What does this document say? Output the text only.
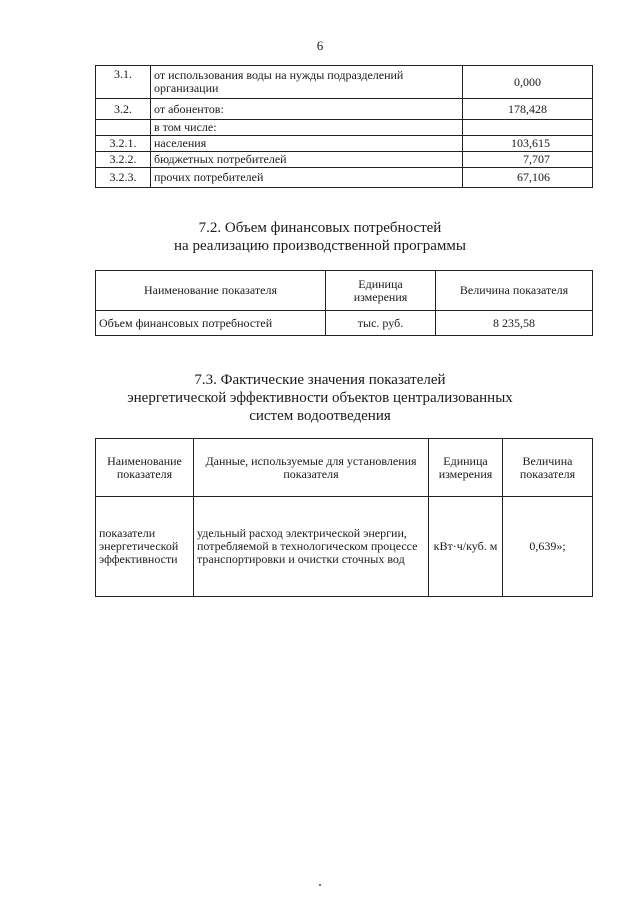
6
3.1.	от использования воды на нужды подразделений организации	0,000
3.2.	от абонентов:	178,428
	в том числе:	
3.2.1.	населения	103,615
3.2.2.	бюджетных потребителей	7,707
3.2.3.	прочих потребителей	67,106

7.2. Объем финансовых потребностей

на реализацию производственной программы

Наименование показателя	Единица измерения	Величина показателя
Объем финансовых потребностей	тыс. руб.	8 235,58

7.3. Фактические значения показателей

энергетической эффективности объектов централизованных

систем водоотведения

Наименование показателя	Данные, используемые для установления показателя	Единица измерения	Величина показателя
показатели энергетической эффективности	удельный расход электрической энергии, потребляемой в технологическом процессе транспортировки и очистки сточных вод	кВт·ч/куб. м	0,639»;
